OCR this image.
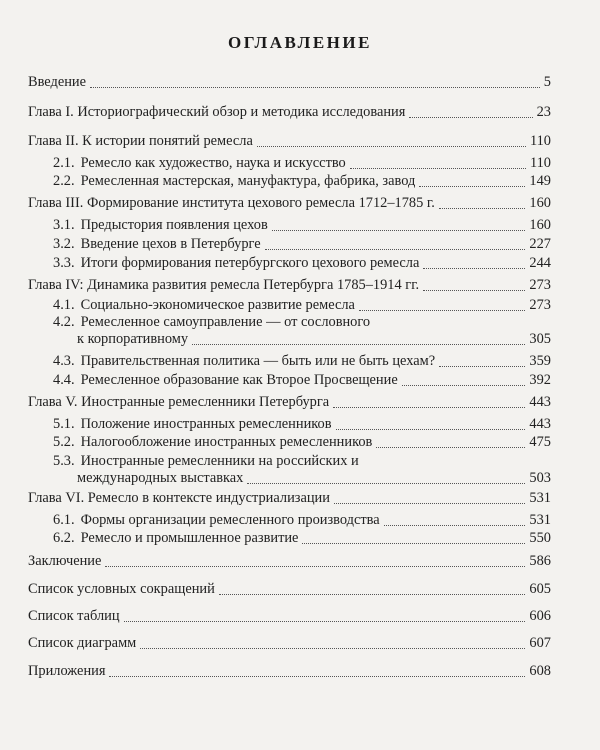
ОГЛАВЛЕНИЕ
Введение	5
Глава I. Историографический обзор и методика исследования	23
Глава II. К истории понятий ремесла	110
2.1. Ремесло как художество, наука и искусство	110
2.2. Ремесленная мастерская, мануфактура, фабрика, завод	149
Глава III. Формирование института цехового ремесла 1712–1785 г.	160
3.1. Предыстория появления цехов	160
3.2. Введение цехов в Петербурге	227
3.3. Итоги формирования петербургского цехового ремесла	244
Глава IV: Динамика развития ремесла Петербурга 1785–1914 гг.	273
4.1. Социально-экономическое развитие ремесла	273
4.2. Ремесленное самоуправление — от сословного
к корпоративному	305
4.3. Правительственная политика — быть или не быть цехам?	359
4.4. Ремесленное образование как Второе Просвещение	392
Глава V. Иностранные ремесленники Петербурга	443
5.1. Положение иностранных ремесленников	443
5.2. Налогообложение иностранных ремесленников	475
5.3. Иностранные ремесленники на российских и
международных выставках	503
Глава VI. Ремесло в контексте индустриализации	531
6.1. Формы организации ремесленного производства	531
6.2. Ремесло и промышленное развитие	550
Заключение	586
Список условных сокращений	605
Список таблиц	606
Список диаграмм	607
Приложения	608
